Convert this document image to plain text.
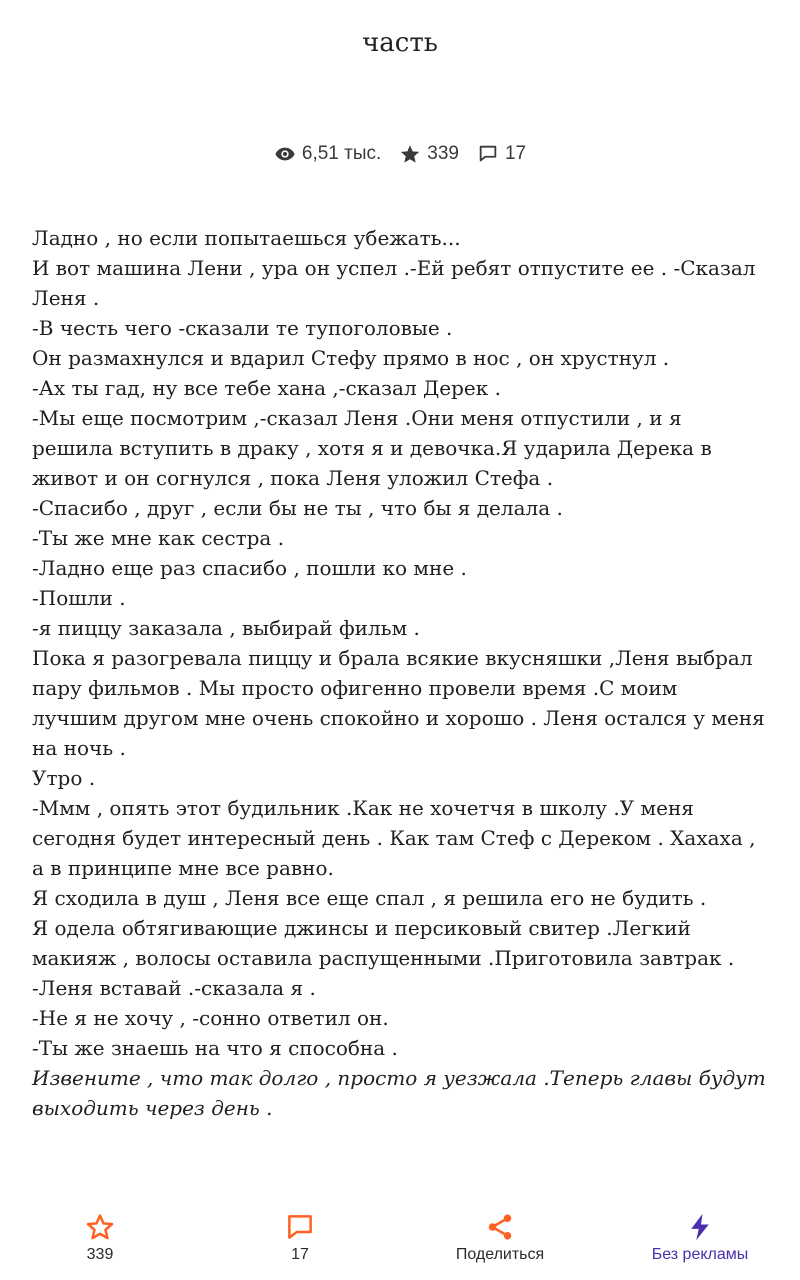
часть
6,51 тыс. 339 17

Ладно , но если попытаешься убежать...

И вот машина Лени , ура он успел .-Ей ребят отпустите ее . -Сказал Леня .

-В честь чего -сказали те тупоголовые .

Он размахнулся и вдарил Стефу прямо в нос , он хрустнул .

-Ах ты гад, ну все тебе хана ,-сказал Дерек .

-Мы еще посмотрим ,-сказал Леня .Они меня отпустили , и я решила вступить в драку , хотя я и девочка.Я ударила Дерека в живот и он согнулся , пока Леня уложил Стефа .

-Спасибо , друг , если бы не ты , что бы я делала .

-Ты же мне как сестра .

-Ладно еще раз спасибо , пошли ко мне .

-Пошли .

-я пиццу заказала , выбирай фильм .

Пока я разогревала пиццу и брала всякие вкусняшки ,Леня выбрал пару фильмов . Мы просто офигенно провели время .С моим лучшим другом мне очень спокойно и хорошо . Леня остался у меня на ночь .

Утро .

-Ммм , опять этот будильник .Как не хочетчя в школу .У меня сегодня будет интересный день . Как там Стеф с Дереком . Хахаха , а в принципе мне все равно.

Я сходила в душ , Леня все еще спал , я решила его не будить .

Я одела обтягивающие джинсы и персиковый свитер .Легкий макияж , волосы оставила распущенными .Приготовила завтрак .

-Леня вставай .-сказала я .

-Не я не хочу , -сонно ответил он.

-Ты же знаешь на что я способна .

Извените , что так долго , просто я уезжала .Теперь главы будут выходить через день .

339	17	Поделиться	Без рекламы
